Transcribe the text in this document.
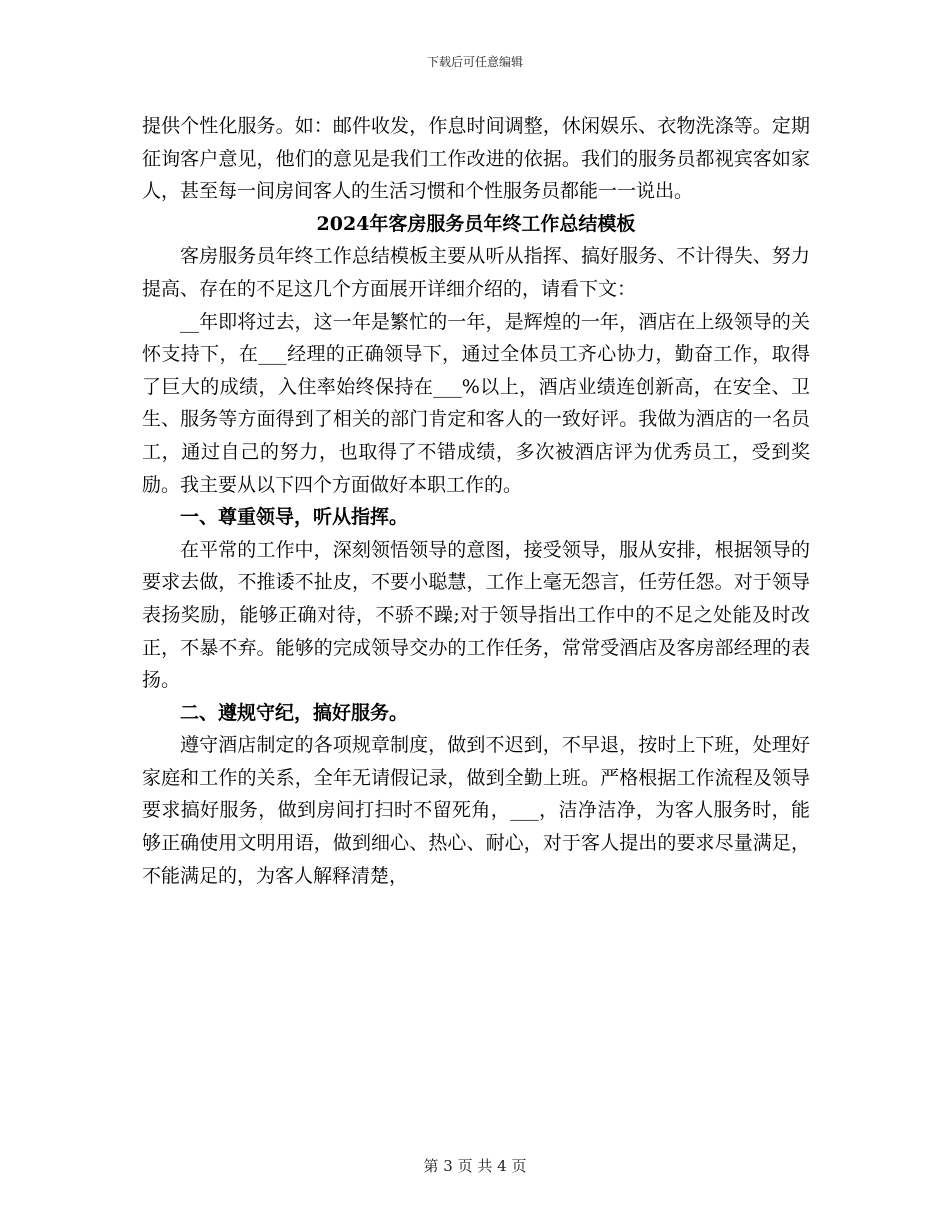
下载后可任意编辑

提供个性化服务。如：邮件收发，作息时间调整，休闲娱乐、衣物洗涤等。定期征询客户意见，他们的意见是我们工作改进的依据。我们的服务员都视宾客如家人，甚至每一间房间客人的生活习惯和个性服务员都能一一说出。

2024年客房服务员年终工作总结模板

客房服务员年终工作总结模板主要从听从指挥、搞好服务、不计得失、努力提高、存在的不足这几个方面展开详细介绍的，请看下文：

__年即将过去，这一年是繁忙的一年，是辉煌的一年，酒店在上级领导的关怀支持下，在___经理的正确领导下，通过全体员工齐心协力，勤奋工作，取得了巨大的成绩，入住率始终保持在___%以上，酒店业绩连创新高，在安全、卫生、服务等方面得到了相关的部门肯定和客人的一致好评。我做为酒店的一名员工，通过自己的努力，也取得了不错成绩，多次被酒店评为优秀员工，受到奖励。我主要从以下四个方面做好本职工作的。

一、尊重领导，听从指挥。

在平常的工作中，深刻领悟领导的意图，接受领导，服从安排，根据领导的要求去做，不推诿不扯皮，不要小聪慧，工作上毫无怨言，任劳任怨。对于领导表扬奖励，能够正确对待，不骄不躁;对于领导指出工作中的不足之处能及时改正，不暴不弃。能够的完成领导交办的工作任务，常常受酒店及客房部经理的表扬。

二、遵规守纪，搞好服务。

遵守酒店制定的各项规章制度，做到不迟到，不早退，按时上下班，处理好家庭和工作的关系，全年无请假记录，做到全勤上班。严格根据工作流程及领导要求搞好服务，做到房间打扫时不留死角，___，洁净洁净，为客人服务时，能够正确使用文明用语，做到细心、热心、耐心，对于客人提出的要求尽量满足，不能满足的，为客人解释清楚，

第 3 页 共 4 页
